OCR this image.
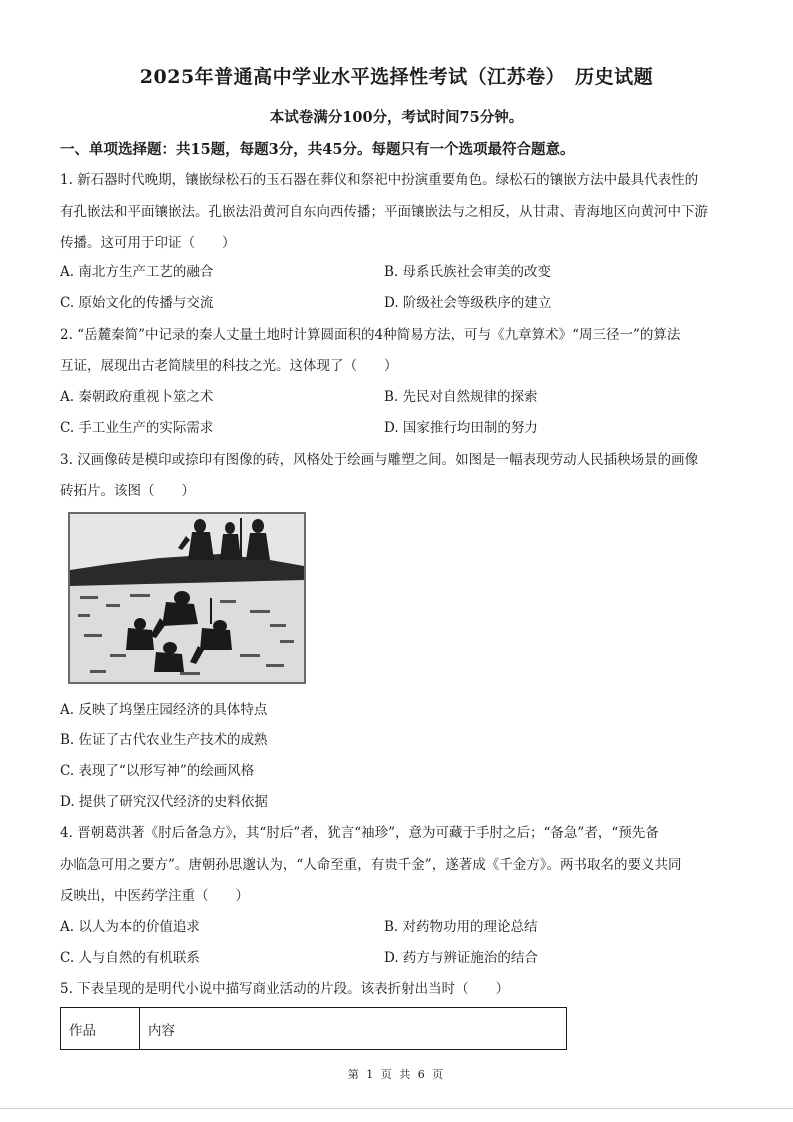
2025年普通高中学业水平选择性考试（江苏卷）　历史试题
本试卷满分100分，考试时间75分钟。
一、单项选择题：共15题，每题3分，共45分。每题只有一个选项最符合题意。
1. 新石器时代晚期，镶嵌绿松石的玉石器在葬仪和祭祀中扮演重要角色。绿松石的镶嵌方法中最具代表性的
有孔嵌法和平面镶嵌法。孔嵌法沿黄河自东向西传播；平面镶嵌法与之相反，从甘肃、青海地区向黄河中下游
传播。这可用于印证（　　）
A. 南北方生产工艺的融合	B. 母系氏族社会审美的改变
C. 原始文化的传播与交流	D. 阶级社会等级秩序的建立
2. “岳麓秦简”中记录的秦人丈量土地时计算圆面积的4种简易方法，可与《九章算术》“周三径一”的算法
互证，展现出古老简牍里的科技之光。这体现了（　　）
A. 秦朝政府重视卜筮之术	B. 先民对自然规律的探索
C. 手工业生产的实际需求	D. 国家推行均田制的努力
3. 汉画像砖是模印或捺印有图像的砖，风格处于绘画与雕塑之间。如图是一幅表现劳动人民插秧场景的画像
砖拓片。该图（　　）
A. 反映了坞堡庄园经济的具体特点
B. 佐证了古代农业生产技术的成熟
C. 表现了“以形写神”的绘画风格
D. 提供了研究汉代经济的史料依据
4. 晋朝葛洪著《肘后备急方》，其“肘后”者，犹言“袖珍”，意为可藏于手肘之后；“备急”者，“预先备
办临急可用之要方”。唐朝孙思邈认为，“人命至重，有贵千金”，遂著成《千金方》。两书取名的要义共同
反映出，中医药学注重（　　）
A. 以人为本的价值追求	B. 对药物功用的理论总结
C. 人与自然的有机联系	D. 药方与辨证施治的结合
5. 下表呈现的是明代小说中描写商业活动的片段。该表折射出当时（　　）
作品	内容
第 1 页 共 6 页
